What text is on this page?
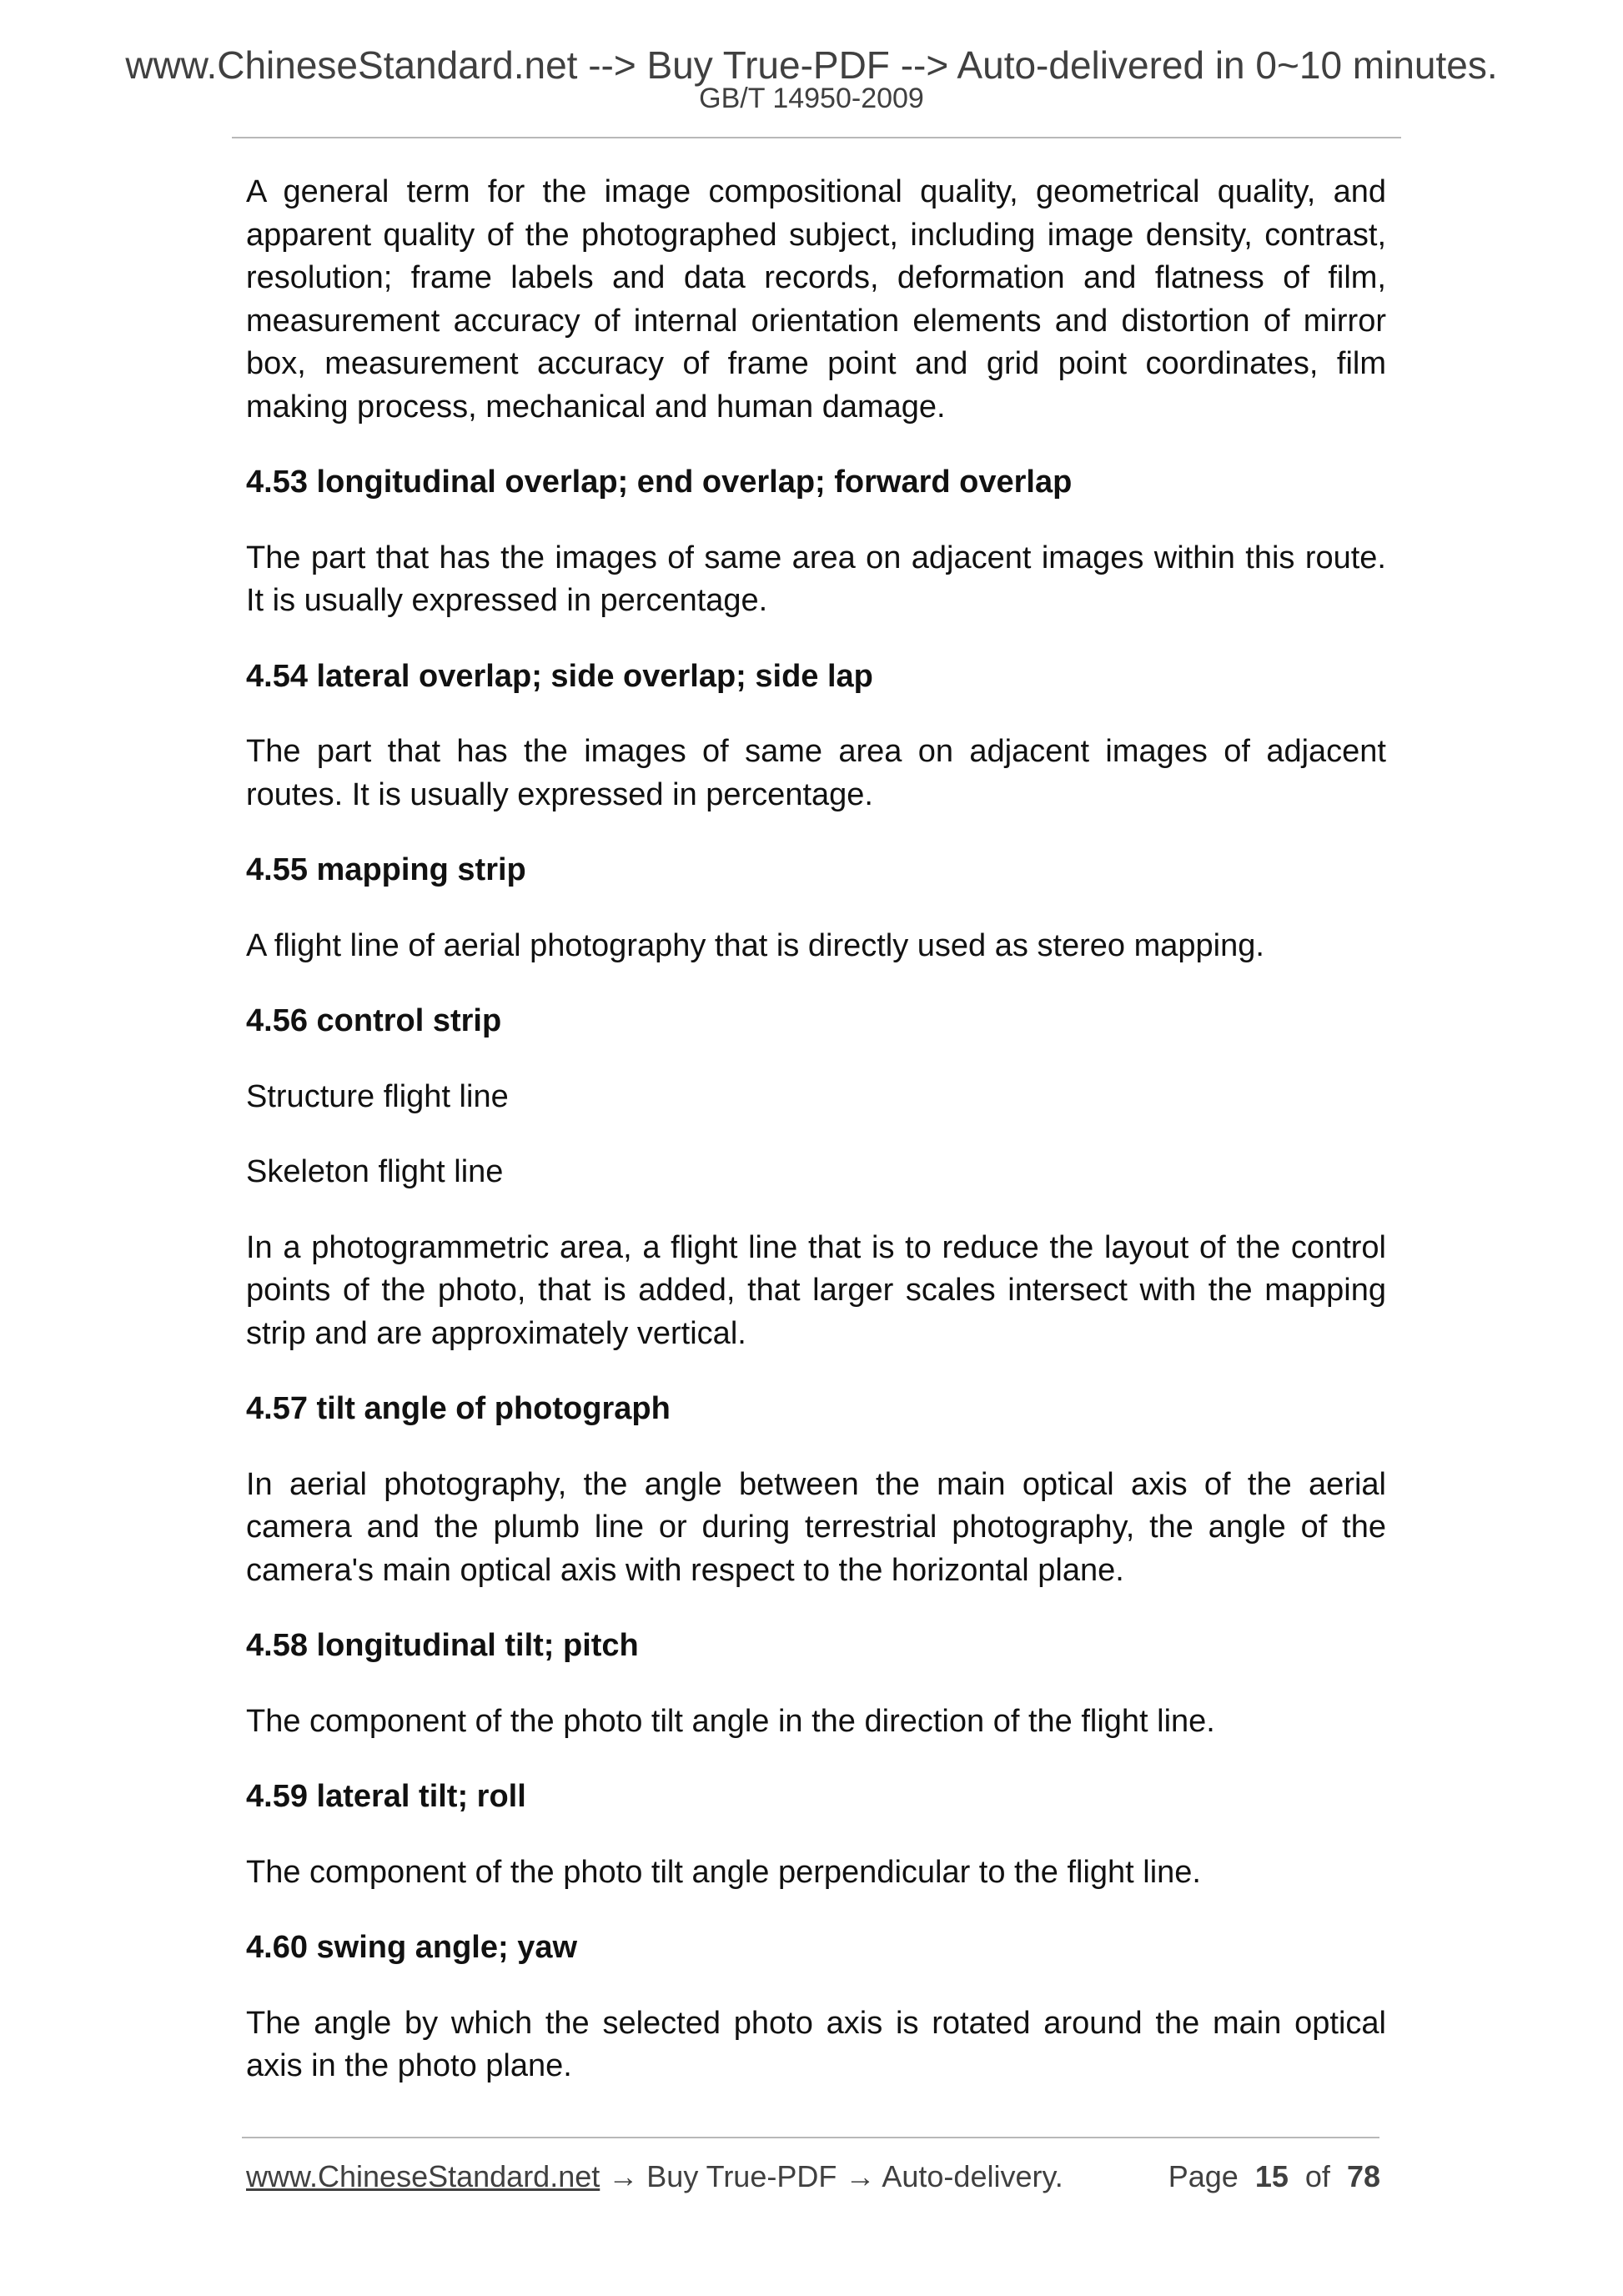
www.ChineseStandard.net --> Buy True-PDF --> Auto-delivered in 0~10 minutes.
GB/T 14950-2009

A general term for the image compositional quality, geometrical quality, and apparent quality of the photographed subject, including image density, contrast, resolution; frame labels and data records, deformation and flatness of film, measurement accuracy of internal orientation elements and distortion of mirror box, measurement accuracy of frame point and grid point coordinates, film making process, mechanical and human damage.

4.53 longitudinal overlap; end overlap; forward overlap

The part that has the images of same area on adjacent images within this route. It is usually expressed in percentage.

4.54 lateral overlap; side overlap; side lap

The part that has the images of same area on adjacent images of adjacent routes. It is usually expressed in percentage.

4.55 mapping strip

A flight line of aerial photography that is directly used as stereo mapping.

4.56 control strip

Structure flight line

Skeleton flight line

In a photogrammetric area, a flight line that is to reduce the layout of the control points of the photo, that is added, that larger scales intersect with the mapping strip and are approximately vertical.

4.57 tilt angle of photograph

In aerial photography, the angle between the main optical axis of the aerial camera and the plumb line or during terrestrial photography, the angle of the camera's main optical axis with respect to the horizontal plane.

4.58 longitudinal tilt; pitch

The component of the photo tilt angle in the direction of the flight line.

4.59 lateral tilt; roll

The component of the photo tilt angle perpendicular to the flight line.

4.60 swing angle; yaw

The angle by which the selected photo axis is rotated around the main optical axis in the photo plane.

www.ChineseStandard.net → Buy True-PDF → Auto-delivery.	Page 15 of 78
